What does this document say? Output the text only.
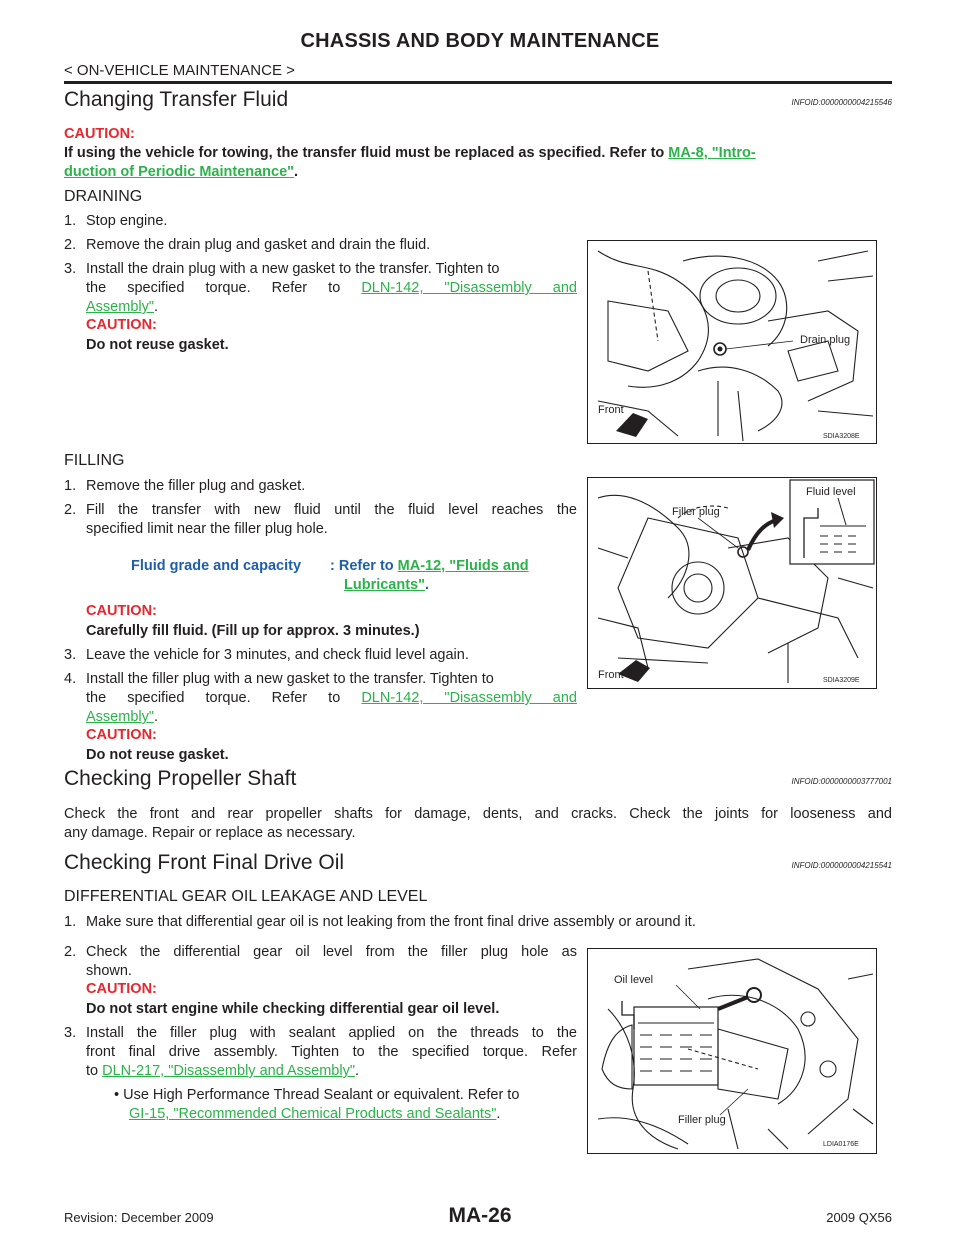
CHASSIS AND BODY MAINTENANCE
< ON-VEHICLE MAINTENANCE >
Changing Transfer Fluid	INFOID:0000000004215546
CAUTION:
If using the vehicle for towing, the transfer fluid must be replaced as specified. Refer to MA-8, "Intro-
duction of Periodic Maintenance".
DRAINING
1. Stop engine.
2. Remove the drain plug and gasket and drain the fluid.
3. Install the drain plug with a new gasket to the transfer. Tighten to
the specified torque. Refer to DLN-142, "Disassembly and
Assembly".
CAUTION:
Do not reuse gasket.	Drain plug
Front
SDIA3208E
FILLING
1. Remove the filler plug and gasket.
2. Fill the transfer with new fluid until the fluid level reaches the
specified limit near the filler plug hole.
Fluid grade and capacity : Refer to MA-12, "Fluids and
Lubricants".
CAUTION:
Carefully fill fluid. (Fill up for approx. 3 minutes.)
3. Leave the vehicle for 3 minutes, and check fluid level again.
4. Install the filler plug with a new gasket to the transfer. Tighten to
the specified torque. Refer to DLN-142, "Disassembly and
Assembly".
CAUTION:
Do not reuse gasket.
Filler plug
Fluid level
Front	SDIA3209E
Checking Propeller Shaft	INFOID:0000000003777001
Check the front and rear propeller shafts for damage, dents, and cracks. Check the joints for looseness and
any damage. Repair or replace as necessary.
Checking Front Final Drive Oil	INFOID:0000000004215541
DIFFERENTIAL GEAR OIL LEAKAGE AND LEVEL
1. Make sure that differential gear oil is not leaking from the front final drive assembly or around it.
2. Check the differential gear oil level from the filler plug hole as
shown.
CAUTION:
Do not start engine while checking differential gear oil level.
3. Install the filler plug with sealant applied on the threads to the
front final drive assembly. Tighten to the specified torque. Refer
to DLN-217, "Disassembly and Assembly".
• Use High Performance Thread Sealant or equivalent. Refer to
GI-15, "Recommended Chemical Products and Sealants".
Oil level
Filler plug
LDIA0176E
Revision: December 2009	MA-26	2009 QX56
